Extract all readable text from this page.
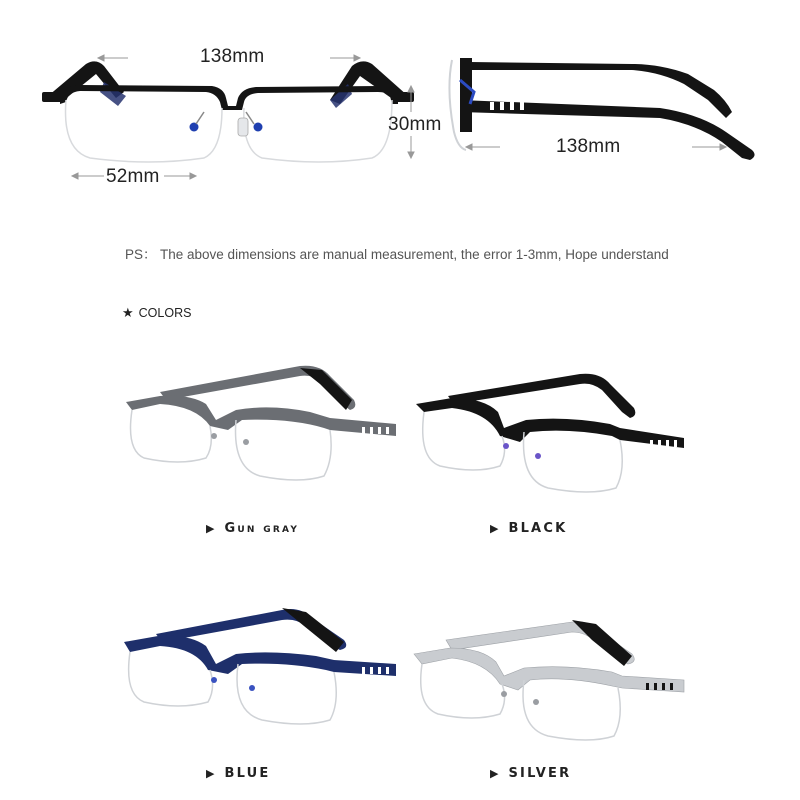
138mm
52mm
30mm
138mm
PS： The above dimensions are manual measurement, the error 1-3mm, Hope understand
★ COLORS
▶ Gun gray	▶ BLACK
▶ BLUE	▶ SILVER
